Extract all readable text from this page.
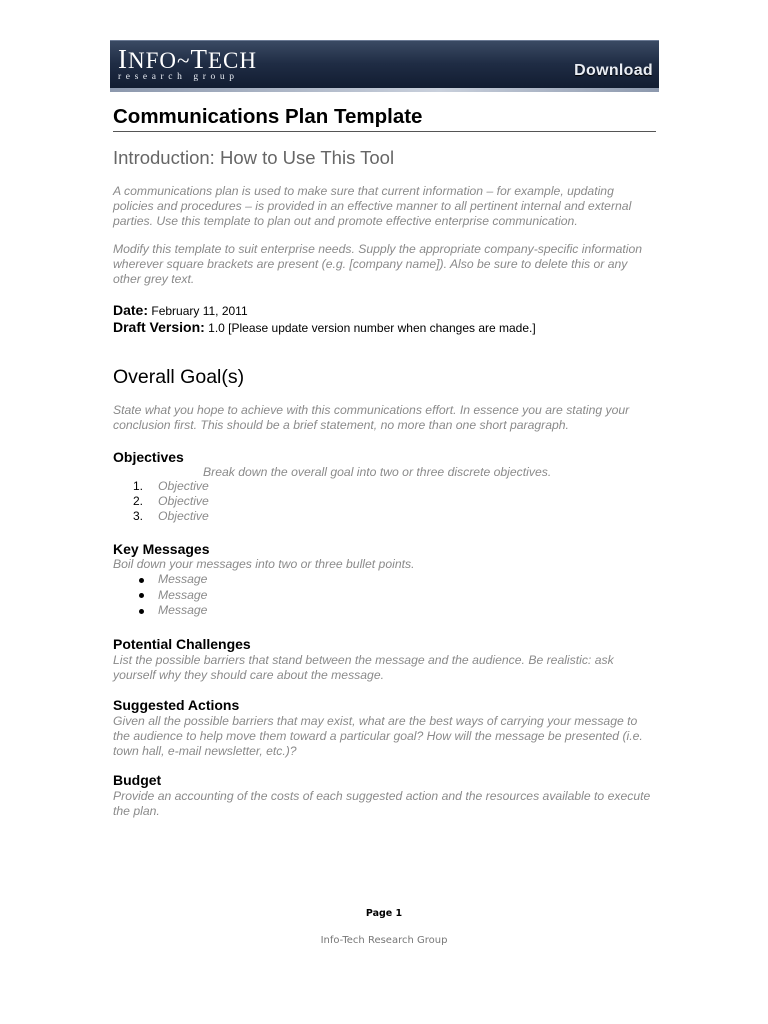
INFO~TECH
research group	Download
Communications Plan Template
Introduction: How to Use This Tool
A communications plan is used to make sure that current information – for example, updating policies and procedures – is provided in an effective manner to all pertinent internal and external parties. Use this template to plan out and promote effective enterprise communication.
Modify this template to suit enterprise needs. Supply the appropriate company-specific information wherever square brackets are present (e.g. [company name]). Also be sure to delete this or any other grey text.
Date: February 11, 2011
Draft Version: 1.0 [Please update version number when changes are made.]
Overall Goal(s)
State what you hope to achieve with this communications effort. In essence you are stating your conclusion first. This should be a brief statement, no more than one short paragraph.
Objectives
Break down the overall goal into two or three discrete objectives.
1. Objective
2. Objective
3. Objective
Key Messages
Boil down your messages into two or three bullet points.
Message
Message
Message
Potential Challenges
List the possible barriers that stand between the message and the audience. Be realistic: ask yourself why they should care about the message.
Suggested Actions
Given all the possible barriers that may exist, what are the best ways of carrying your message to the audience to help move them toward a particular goal? How will the message be presented (i.e. town hall, e-mail newsletter, etc.)?
Budget
Provide an accounting of the costs of each suggested action and the resources available to execute the plan.
Page 1
Info-Tech Research Group
